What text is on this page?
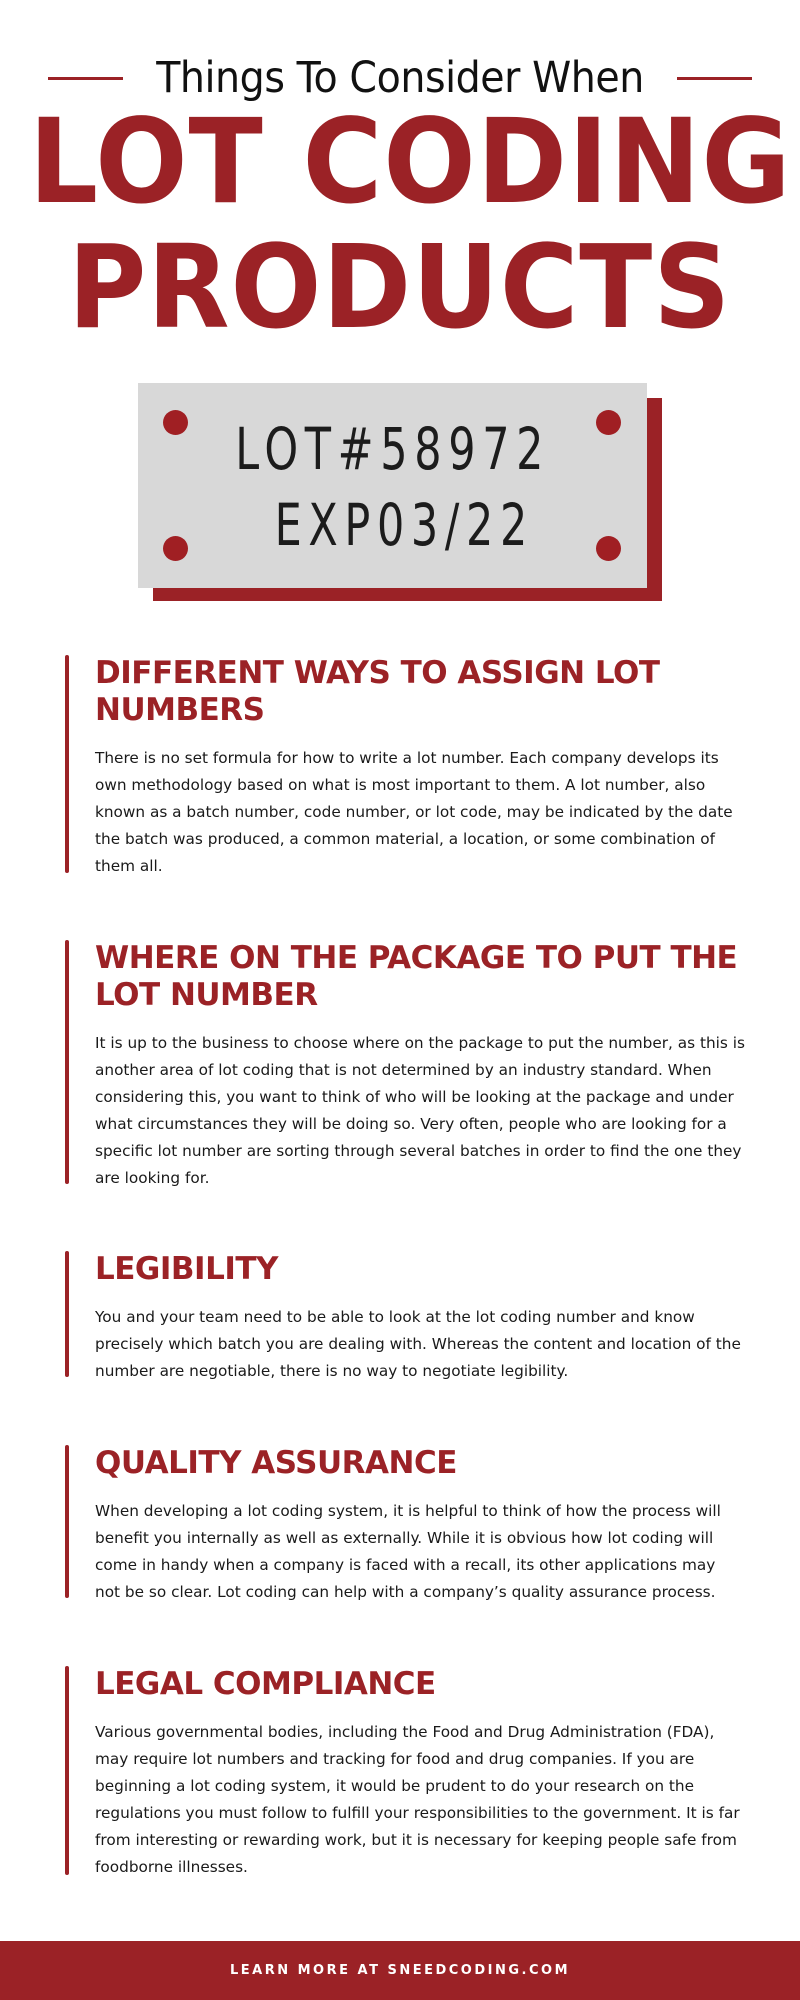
Things To Consider When
LOT CODING
PRODUCTS
LOT#58972
EXP03/22
DIFFERENT WAYS TO ASSIGN LOT NUMBERS

There is no set formula for how to write a lot number. Each company develops its own methodology based on what is most important to them. A lot number, also known as a batch number, code number, or lot code, may be indicated by the date the batch was produced, a common material, a location, or some combination of them all.

WHERE ON THE PACKAGE TO PUT THE LOT NUMBER

It is up to the business to choose where on the package to put the number, as this is another area of lot coding that is not determined by an industry standard. When considering this, you want to think of who will be looking at the package and under what circumstances they will be doing so. Very often, people who are looking for a specific lot number are sorting through several batches in order to find the one they are looking for.

LEGIBILITY

You and your team need to be able to look at the lot coding number and know precisely which batch you are dealing with. Whereas the content and location of the number are negotiable, there is no way to negotiate legibility.

QUALITY ASSURANCE

When developing a lot coding system, it is helpful to think of how the process will benefit you internally as well as externally. While it is obvious how lot coding will come in handy when a company is faced with a recall, its other applications may not be so clear. Lot coding can help with a company’s quality assurance process.

LEGAL COMPLIANCE

Various governmental bodies, including the Food and Drug Administration (FDA), may require lot numbers and tracking for food and drug companies. If you are beginning a lot coding system, it would be prudent to do your research on the regulations you must follow to fulfill your responsibilities to the government. It is far from interesting or rewarding work, but it is necessary for keeping people safe from foodborne illnesses.

LEARN MORE AT SNEEDCODING.COM
